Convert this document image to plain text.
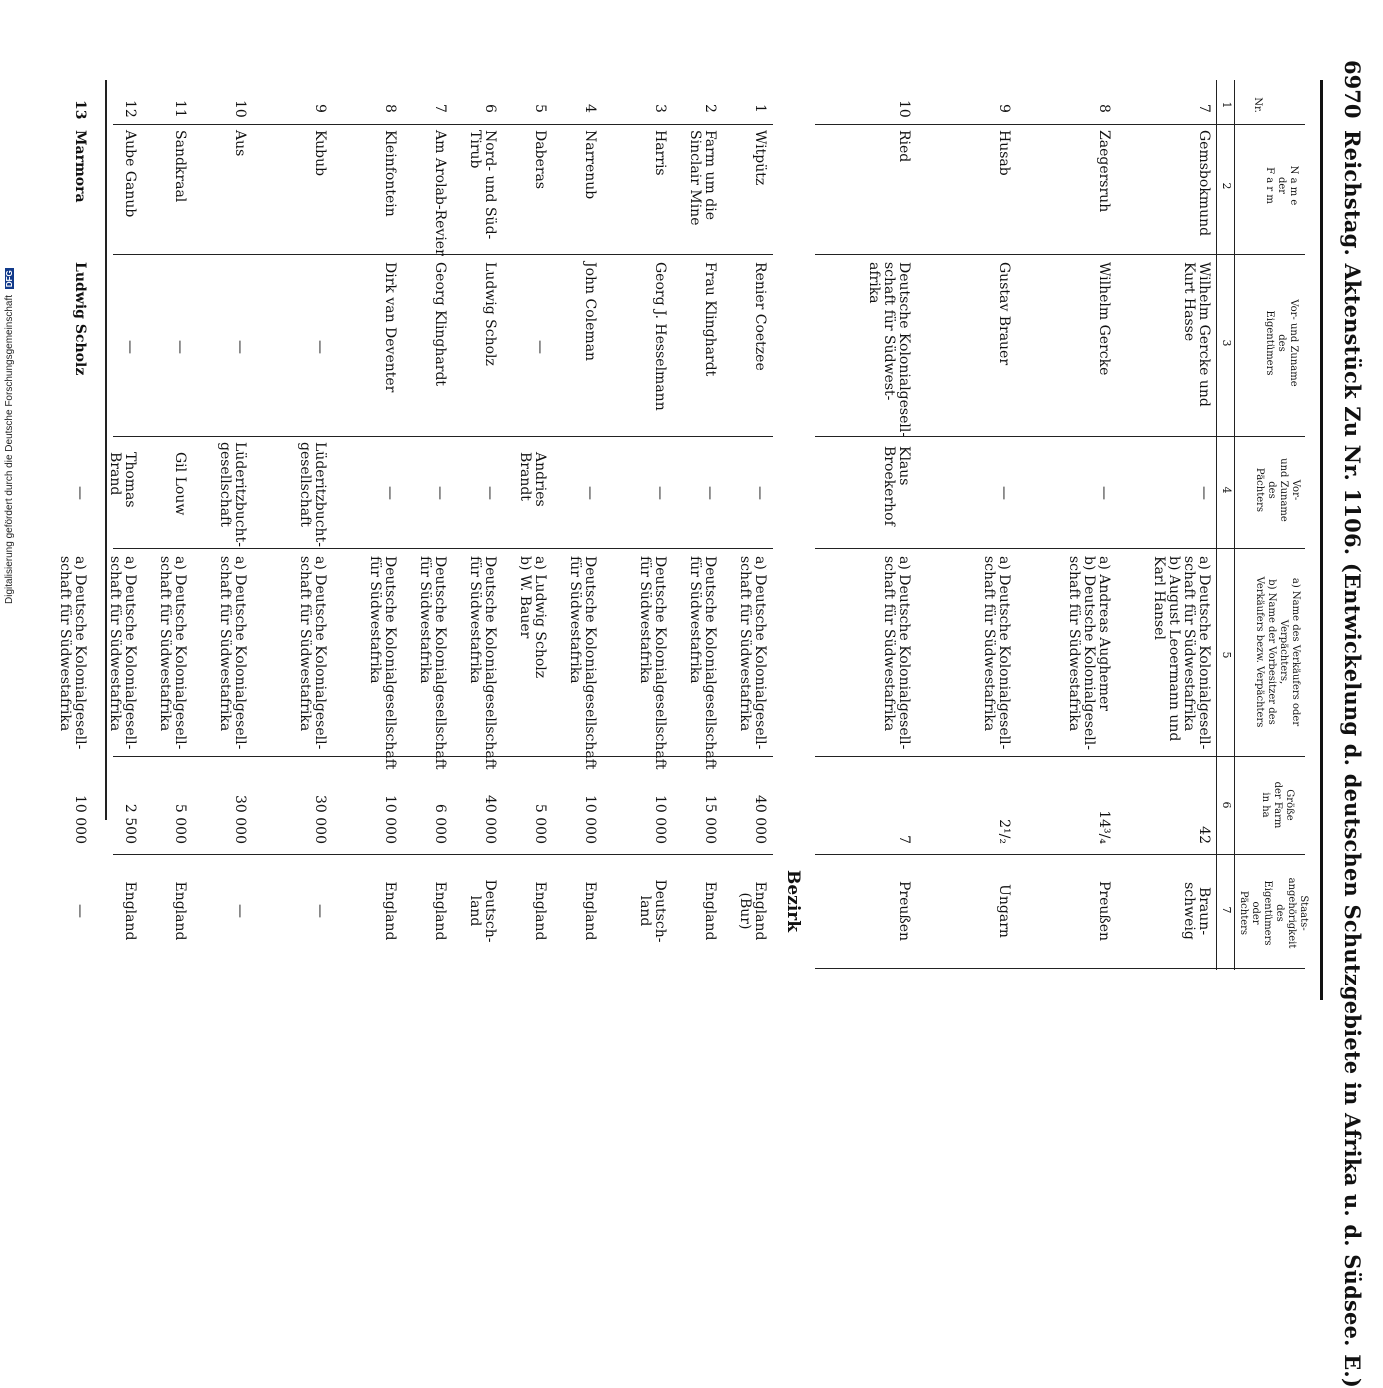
6970
Reichstag. Aktenstück Zu Nr. 1106. (Entwickelung d. deutschen Schutzgebiete in Afrika u. d. Südsee. E.)
Nr.
N a m e
der
F a r m
Vor- und Zuname
des
Eigentümers
Vor-
und Zuname
des
Pächters
a) Name des Verkäufers oder
Verpächters,
b) Name der Vorbesitzer des
Verkäufers bezw. Verpächters
Größe
der Farm
in ha
Staats-
angehörigkeit
des
Eigentümers
oder
Pächters
1
2
3
4
5
6
7
7
Gemsbokmund
Wilhelm Gercke und
Kurt Hasse
—
a) Deutsche Kolonialgesell-
schaft für Südwestafrika
b) August Leoermann und
Karl Hansel
42
Braun-
schweig
8
Zaegersruh
Wilhelm Gercke
—
a) Andreas Aughemer
b) Deutsche Kolonialgesell-
schaft für Südwestafrika
14³/₄
Preußen
9
Husab
Gustav Brauer
—
a) Deutsche Kolonialgesell-
schaft für Südwestafrika
2¹/₂
Ungarn
10
Ried
Deutsche Kolonialgesell-
schaft für Südwest-
afrika
Klaus
Broekerhof
a) Deutsche Kolonialgesell-
schaft für Südwestafrika
7
Preußen
Bezirk
1
Witpütz
Renier Coetzee
—
a) Deutsche Kolonialgesell-
schaft für Südwestafrika
40 000
England
(Bur)
2
Farm um die
Sinclair Mine
Frau Klinghardt
—
Deutsche Kolonialgesellschaft
für Südwestafrika
15 000
England
3
Harris
Georg J. Hesselmann
—
Deutsche Kolonialgesellschaft
für Südwestafrika
10 000
Deutsch-
land
4
Narrenub
John Coleman
—
Deutsche Kolonialgesellschaft
für Südwestafrika
10 000
England
5
Daberas
—
Andries
Brandt
a) Ludwig Scholz
b) W. Bauer
5 000
England
6
Nord- und Süd-
Tirub
Ludwig Scholz
—
Deutsche Kolonialgesellschaft
für Südwestafrika
40 000
Deutsch-
land
7
Am Arolab-Revier
Georg Klinghardt
—
Deutsche Kolonialgesellschaft
für Südwestafrika
6 000
England
8
Kleinfontein
Dirk van Deventer
—
Deutsche Kolonialgesellschaft
für Südwestafrika
10 000
England
9
Kubub
—
Lüderitzbucht-
gesellschaft
a) Deutsche Kolonialgesell-
schaft für Südwestafrika
30 000
—
10
Aus
—
Lüderitzbucht-
gesellschaft
a) Deutsche Kolonialgesell-
schaft für Südwestafrika
30 000
—
11
Sandkraal
—
Gil Louw
a) Deutsche Kolonialgesell-
schaft für Südwestafrika
5 000
England
12
Aube Ganub
—
Thomas
Brand
a) Deutsche Kolonialgesell-
schaft für Südwestafrika
2 500
England
13
Marmora
Ludwig Scholz
—
a) Deutsche Kolonialgesell-
schaft für Südwestafrika
10 000
—
Digitalisierung gefördert durch die Deutsche Forschungsgemeinschaft DFG
